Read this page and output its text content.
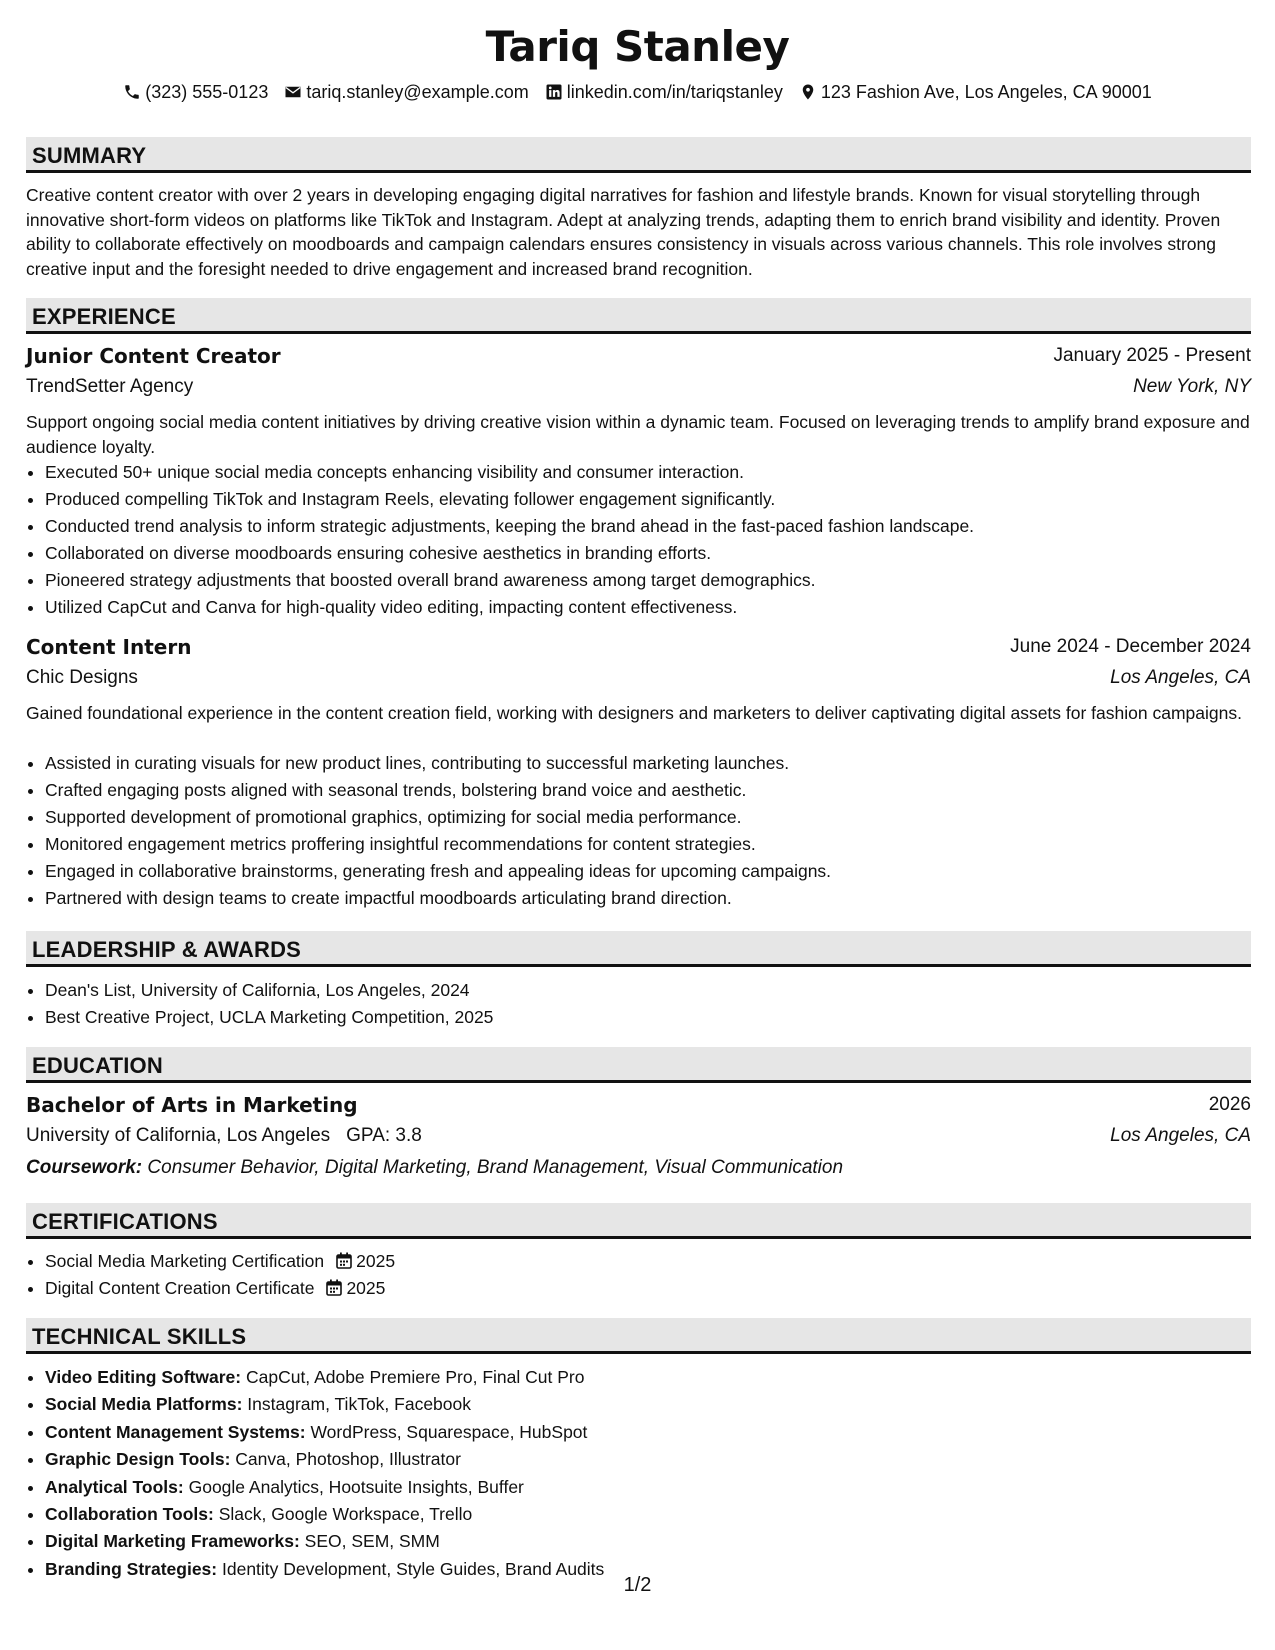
Tariq Stanley
(323) 555-0123 tariq.stanley@example.com linkedin.com/in/tariqstanley 123 Fashion Ave, Los Angeles, CA 90001
SUMMARY
Creative content creator with over 2 years in developing engaging digital narratives for fashion and lifestyle brands. Known for visual storytelling through innovative short-form videos on platforms like TikTok and Instagram. Adept at analyzing trends, adapting them to enrich brand visibility and identity. Proven ability to collaborate effectively on moodboards and campaign calendars ensures consistency in visuals across various channels. This role involves strong creative input and the foresight needed to drive engagement and increased brand recognition.
EXPERIENCE
Junior Content Creator	January 2025 - Present
TrendSetter Agency	New York, NY
Support ongoing social media content initiatives by driving creative vision within a dynamic team. Focused on leveraging trends to amplify brand exposure and audience loyalty.
• Executed 50+ unique social media concepts enhancing visibility and consumer interaction.
• Produced compelling TikTok and Instagram Reels, elevating follower engagement significantly.
• Conducted trend analysis to inform strategic adjustments, keeping the brand ahead in the fast-paced fashion landscape.
• Collaborated on diverse moodboards ensuring cohesive aesthetics in branding efforts.
• Pioneered strategy adjustments that boosted overall brand awareness among target demographics.
• Utilized CapCut and Canva for high-quality video editing, impacting content effectiveness.
Content Intern	June 2024 - December 2024
Chic Designs	Los Angeles, CA
Gained foundational experience in the content creation field, working with designers and marketers to deliver captivating digital assets for fashion campaigns.
• Assisted in curating visuals for new product lines, contributing to successful marketing launches.
• Crafted engaging posts aligned with seasonal trends, bolstering brand voice and aesthetic.
• Supported development of promotional graphics, optimizing for social media performance.
• Monitored engagement metrics proffering insightful recommendations for content strategies.
• Engaged in collaborative brainstorms, generating fresh and appealing ideas for upcoming campaigns.
• Partnered with design teams to create impactful moodboards articulating brand direction.
LEADERSHIP & AWARDS
• Dean's List, University of California, Los Angeles, 2024
• Best Creative Project, UCLA Marketing Competition, 2025
EDUCATION
Bachelor of Arts in Marketing	2026
University of California, Los Angeles GPA: 3.8	Los Angeles, CA
Coursework: Consumer Behavior, Digital Marketing, Brand Management, Visual Communication
CERTIFICATIONS
• Social Media Marketing Certification 2025
• Digital Content Creation Certificate 2025
TECHNICAL SKILLS
• Video Editing Software: CapCut, Adobe Premiere Pro, Final Cut Pro
• Social Media Platforms: Instagram, TikTok, Facebook
• Content Management Systems: WordPress, Squarespace, HubSpot
• Graphic Design Tools: Canva, Photoshop, Illustrator
• Analytical Tools: Google Analytics, Hootsuite Insights, Buffer
• Collaboration Tools: Slack, Google Workspace, Trello
• Digital Marketing Frameworks: SEO, SEM, SMM
• Branding Strategies: Identity Development, Style Guides, Brand Audits
1/2
